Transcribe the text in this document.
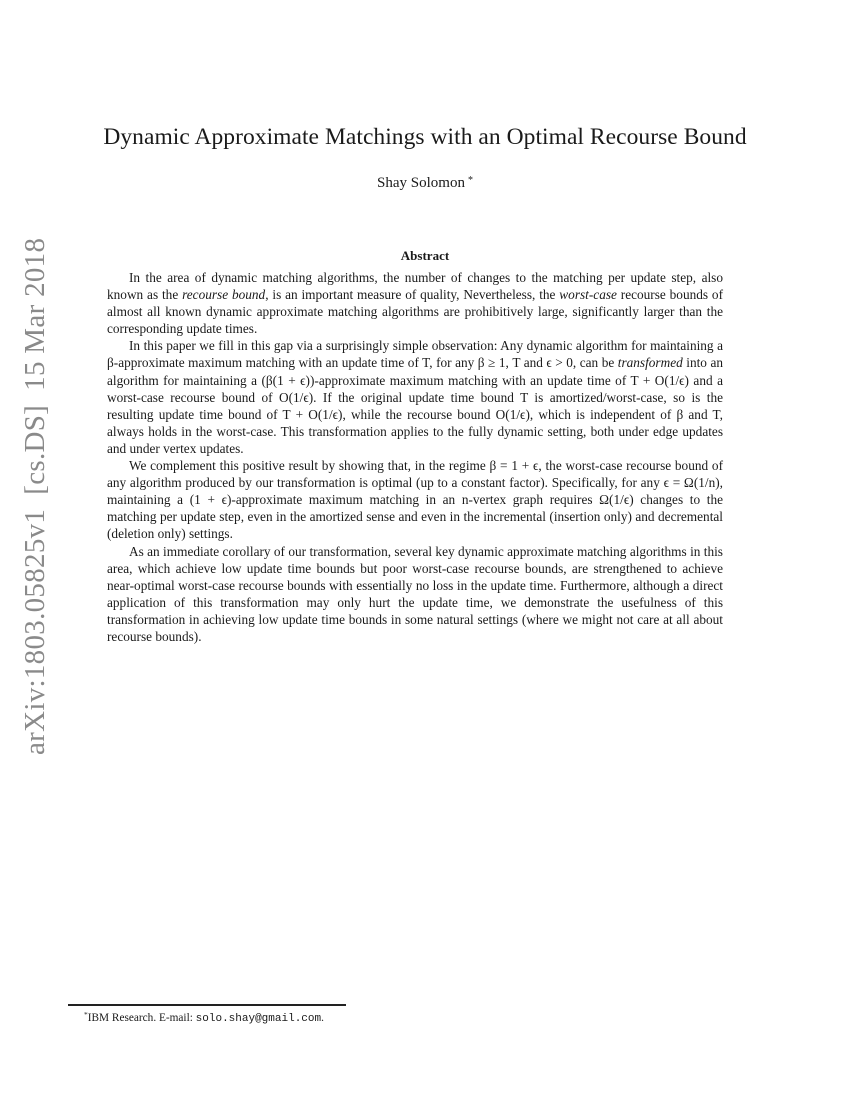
arXiv:1803.05825v1[cs.DS]15 Mar 2018
Dynamic Approximate Matchings with an Optimal Recourse Bound
Shay Solomon *
Abstract

In the area of dynamic matching algorithms, the number of changes to the matching per update step, also known as the recourse bound, is an important measure of quality, Nevertheless, the worst-case recourse bounds of almost all known dynamic approximate matching algorithms are prohibitively large, significantly larger than the corresponding update times.

In this paper we fill in this gap via a surprisingly simple observation: Any dynamic algorithm for maintaining a β-approximate maximum matching with an update time of T, for any β ≥ 1, T and ϵ > 0, can be transformed into an algorithm for maintaining a (β(1 + ϵ))-approximate maximum matching with an update time of T + O(1/ϵ) and a worst-case recourse bound of O(1/ϵ). If the original update time bound T is amortized/worst-case, so is the resulting update time bound of T + O(1/ϵ), while the recourse bound O(1/ϵ), which is independent of β and T, always holds in the worst-case. This transformation applies to the fully dynamic setting, both under edge updates and under vertex updates.

We complement this positive result by showing that, in the regime β = 1 + ϵ, the worst-case recourse bound of any algorithm produced by our transformation is optimal (up to a constant factor). Specifically, for any ϵ = Ω(1/n), maintaining a (1 + ϵ)-approximate maximum matching in an n-vertex graph requires Ω(1/ϵ) changes to the matching per update step, even in the amortized sense and even in the incremental (insertion only) and decremental (deletion only) settings.

As an immediate corollary of our transformation, several key dynamic approximate matching algorithms in this area, which achieve low update time bounds but poor worst-case recourse bounds, are strengthened to achieve near-optimal worst-case recourse bounds with essentially no loss in the update time. Furthermore, although a direct application of this transformation may only hurt the update time, we demonstrate the usefulness of this transformation in achieving low update time bounds in some natural settings (where we might not care at all about recourse bounds).

*IBM Research. E-mail: solo.shay@gmail.com.
